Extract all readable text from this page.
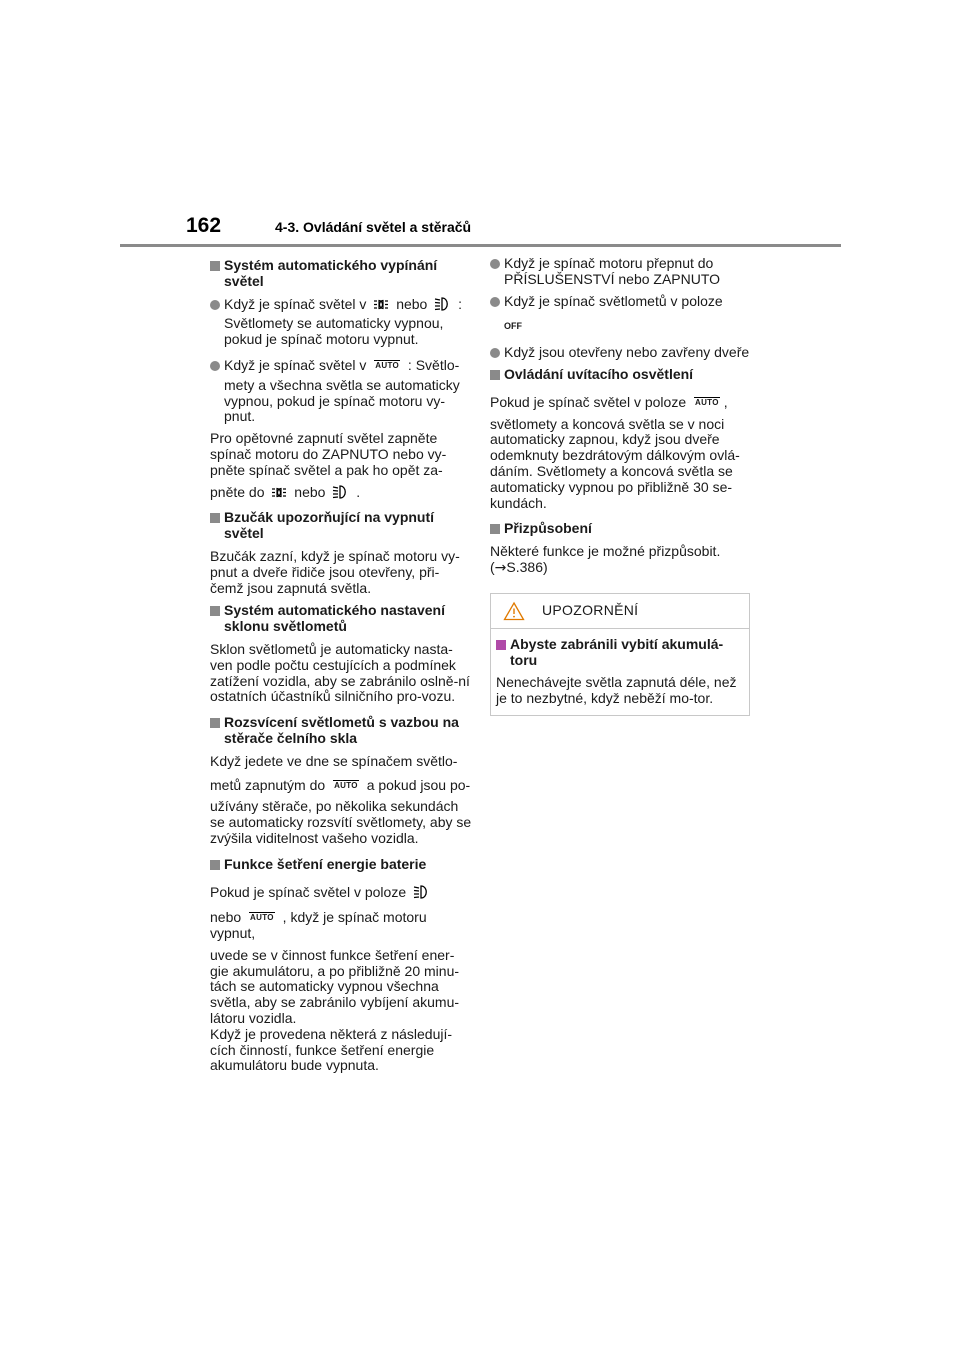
162	4-3. Ovládání světel a stěračů
Systém automatického vypínání světel
Když je spínač světel v nebo :
Světlomety se automaticky vypnou, pokud je spínač motoru vypnut.
Když je spínač světel v AUTO : Světlo-
mety a všechna světla se automaticky vypnou, pokud je spínač motoru vy-pnut.
Pro opětovné zapnutí světel zapněte spínač motoru do ZAPNUTO nebo vy-pněte spínač světel a pak ho opět za-
pněte do nebo .
Bzučák upozorňující na vypnutí světel
Bzučák zazní, když je spínač motoru vy-pnut a dveře řidiče jsou otevřeny, při-čemž jsou zapnutá světla.
Systém automatického nastavení sklonu světlometů
Sklon světlometů je automaticky nasta-ven podle počtu cestujících a podmínek zatížení vozidla, aby se zabránilo oslně-ní ostatních účastníků silničního pro-vozu.
Rozsvícení světlometů s vazbou na stěrače čelního skla
Když jedete ve dne se spínačem světlo-
metů zapnutým do AUTO a pokud jsou po-
užívány stěrače, po několika sekundách se automaticky rozsvítí světlomety, aby se zvýšila viditelnost vašeho vozidla.
Funkce šetření energie baterie
Pokud je spínač světel v poloze
nebo AUTO , když je spínač motoru vypnut,
uvede se v činnost funkce šetření ener-gie akumulátoru, a po přibližně 20 minu-tách se automaticky vypnou všechna světla, aby se zabránilo vybíjení akumu-látoru vozidla.
Když je provedena některá z následují-cích činností, funkce šetření energie akumulátoru bude vypnuta.
Když je spínač motoru přepnut do PŘÍSLUŠENSTVÍ nebo ZAPNUTO
Když je spínač světlometů v poloze
OFF
Když jsou otevřeny nebo zavřeny dveře
Ovládání uvítacího osvětlení
Pokud je spínač světel v poloze AUTO ,
světlomety a koncová světla se v noci automaticky zapnou, když jsou dveře odemknuty bezdrátovým dálkovým ovlá-dáním. Světlomety a koncová světla se automaticky vypnou po přibližně 30 se-kundách.
Přizpůsobení
Některé funkce je možné přizpůsobit.
(→S.386)
UPOZORNĚNÍ
Abyste zabránili vybití akumulá-toru
Nenechávejte světla zapnutá déle, než je to nezbytné, když neběží mo-tor.
